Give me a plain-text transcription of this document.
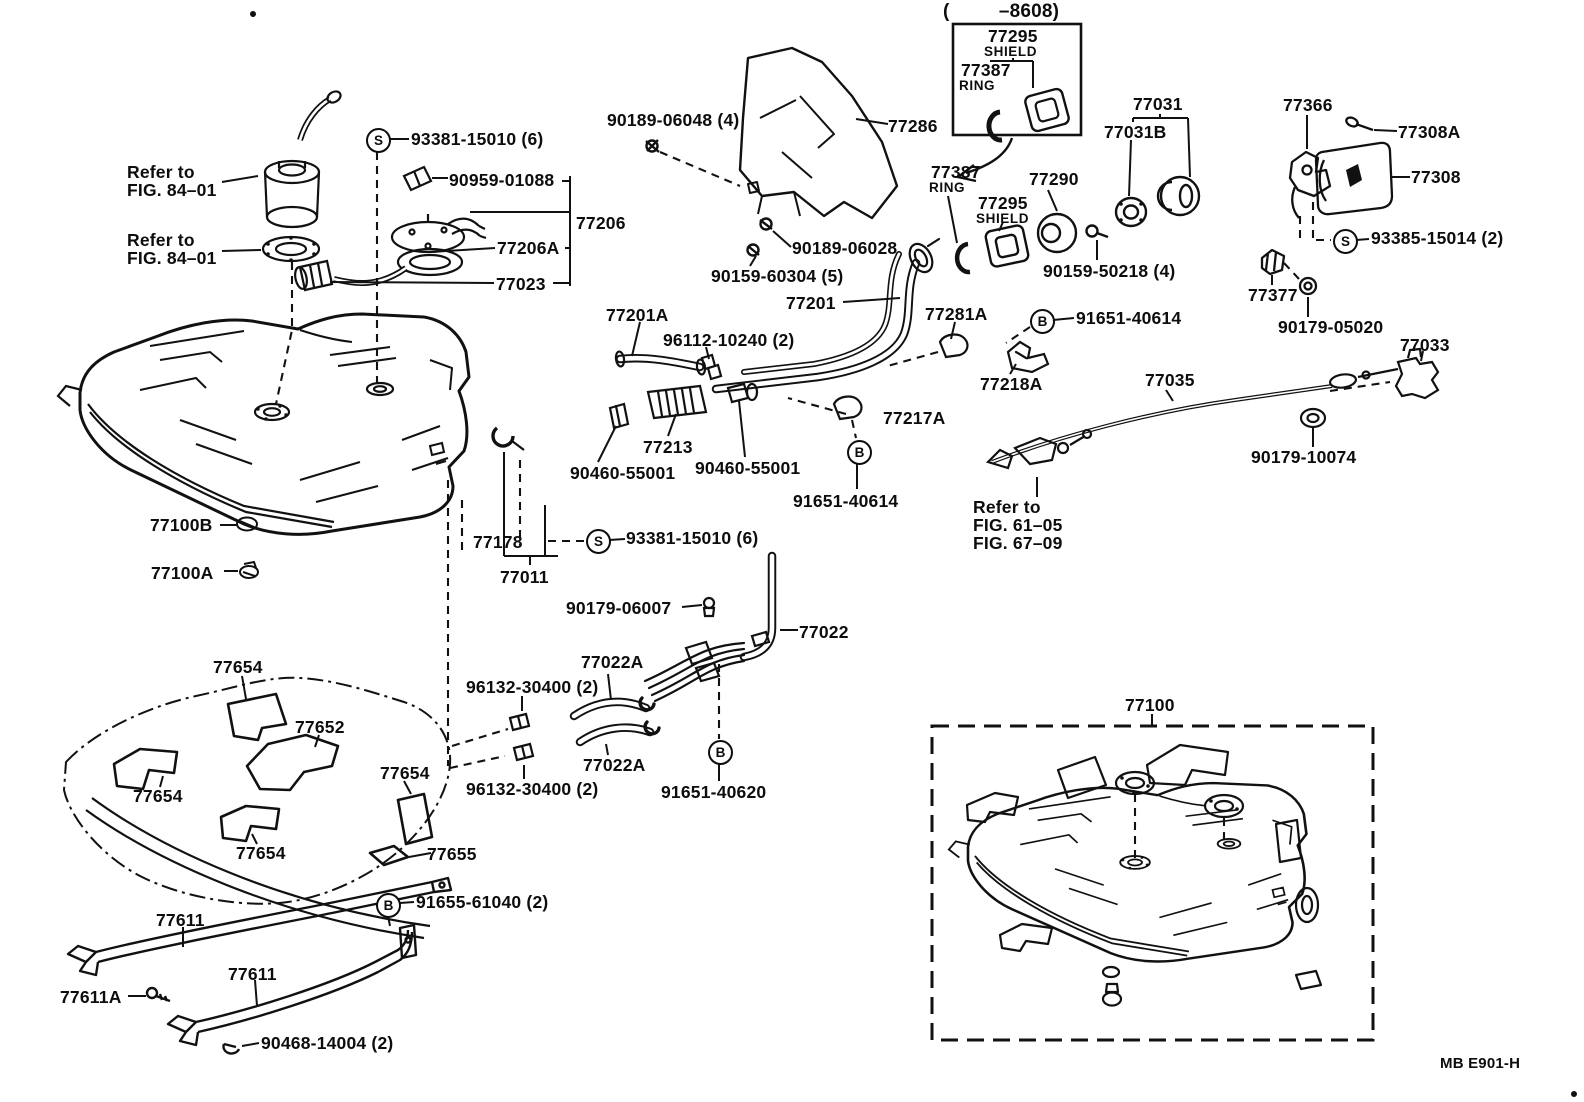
(         –8608)
77295
SHIELD
77387
RING
77031
77031B
77290
77295
SHIELD
77387
RING
90189-06048 (4)	77286
90189-06028
90159-60304 (5)
93381-15010 (6)
Refer to
FIG. 84–01	90959-01088
Refer to
FIG. 84–01	77206A
77206
77023
77201A
96112-10240 (2)
77201
77281A
77217A
77213
90460-55001 90460-55001
91651-40614
77218A
91651-40614
90159-50218 (4)
77035
77033
90179-10074
77366
77308A
77308
93385-15014 (2)
77377
90179-05020
77100B
77100A
77178
77011
93381-15010 (6)
90179-06007
77022
77022A
96132-30400 (2)
77022A
96132-30400 (2)	91651-40620
77654
77652
77654
77654
77654
77655
91655-61040 (2)
77611
77611
77611A
90468-14004 (2)
77100
Refer to
FIG. 61–05
FIG. 67–09
MB E901-H
S
S
S
B
B
B
B
